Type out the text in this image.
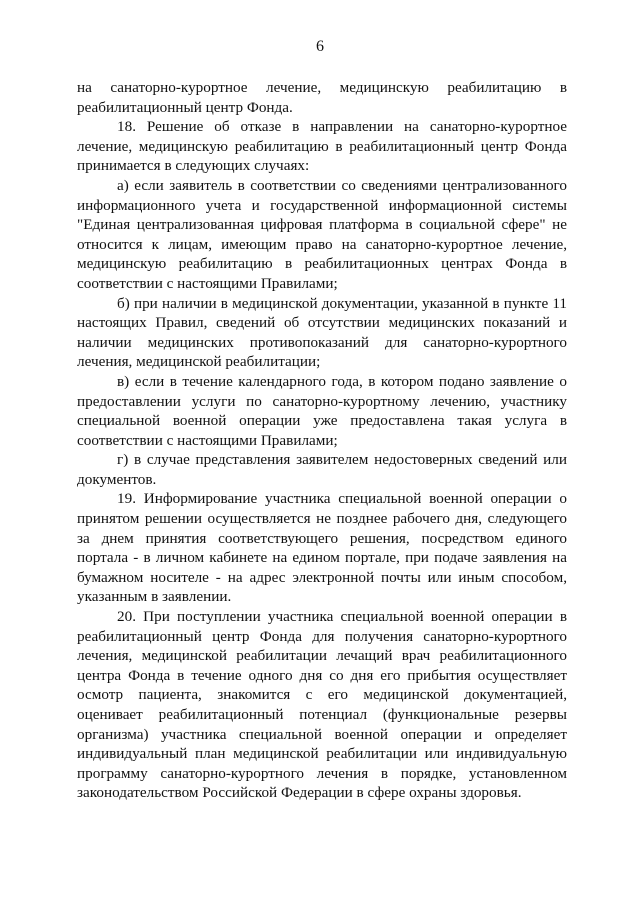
6

на санаторно-курортное лечение, медицинскую реабилитацию в реабилитационный центр Фонда.

18. Решение об отказе в направлении на санаторно-курортное лечение, медицинскую реабилитацию в реабилитационный центр Фонда принимается в следующих случаях:

а) если заявитель в соответствии со сведениями централизованного информационного учета и государственной информационной системы "Единая централизованная цифровая платформа в социальной сфере" не относится к лицам, имеющим право на санаторно-курортное лечение, медицинскую реабилитацию в реабилитационных центрах Фонда в соответствии с настоящими Правилами;

б) при наличии в медицинской документации, указанной в пункте 11 настоящих Правил, сведений об отсутствии медицинских показаний и наличии медицинских противопоказаний для санаторно-курортного лечения, медицинской реабилитации;

в) если в течение календарного года, в котором подано заявление о предоставлении услуги по санаторно-курортному лечению, участнику специальной военной операции уже предоставлена такая услуга в соответствии с настоящими Правилами;

г) в случае представления заявителем недостоверных сведений или документов.

19. Информирование участника специальной военной операции о принятом решении осуществляется не позднее рабочего дня, следующего за днем принятия соответствующего решения, посредством единого портала - в личном кабинете на едином портале, при подаче заявления на бумажном носителе - на адрес электронной почты или иным способом, указанным в заявлении.

20. При поступлении участника специальной военной операции в реабилитационный центр Фонда для получения санаторно-курортного лечения, медицинской реабилитации лечащий врач реабилитационного центра Фонда в течение одного дня со дня его прибытия осуществляет осмотр пациента, знакомится с его медицинской документацией, оценивает реабилитационный потенциал (функциональные резервы организма) участника специальной военной операции и определяет индивидуальный план медицинской реабилитации или индивидуальную программу санаторно-курортного лечения в порядке, установленном законодательством Российской Федерации в сфере охраны здоровья.
